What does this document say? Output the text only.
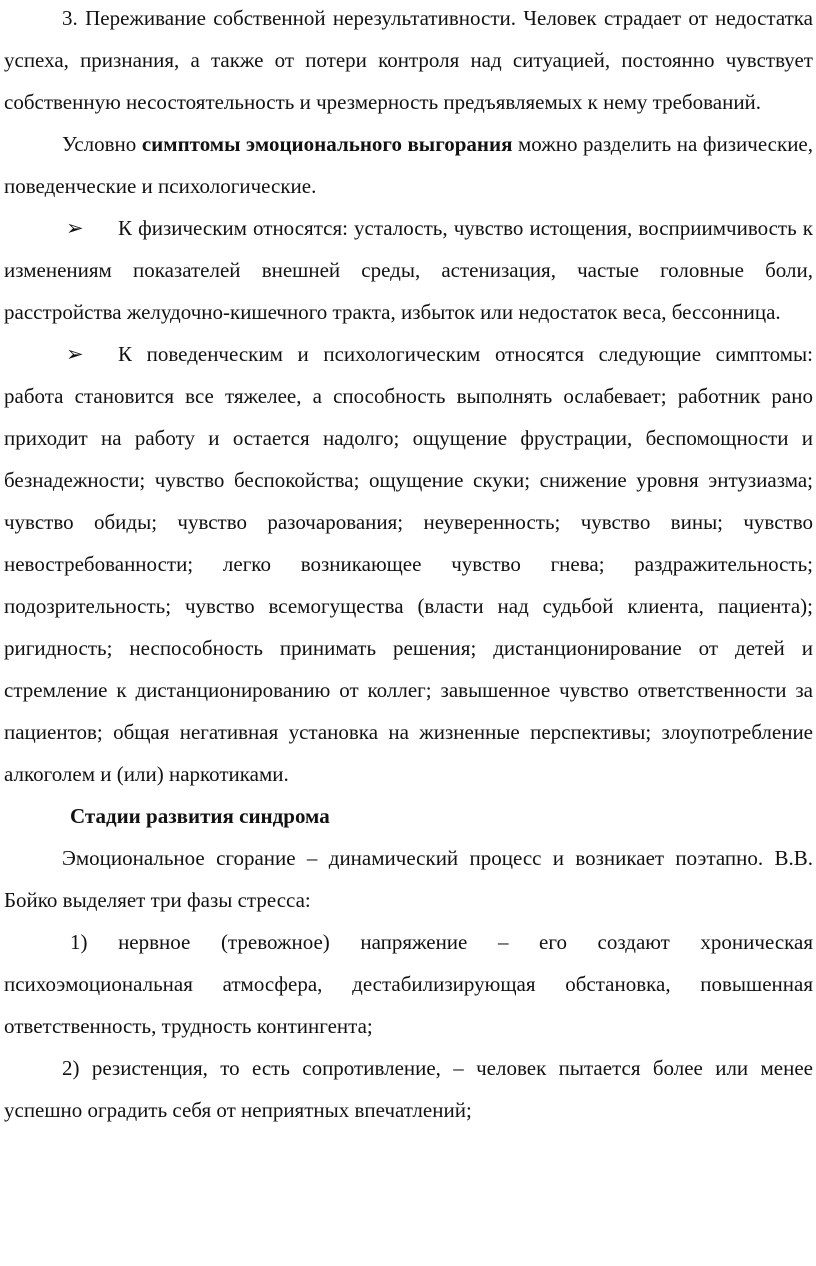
3. Переживание собственной нерезультативности. Человек страдает от недостатка успеха, признания, а также от потери контроля над ситуацией, постоянно чувствует собственную несостоятельность и чрезмерность предъявляемых к нему требований.

Условно симптомы эмоционального выгорания можно разделить на физические, поведенческие и психологические.

➢ К физическим относятся: усталость, чувство истощения, восприимчивость к изменениям показателей внешней среды, астенизация, частые головные боли, расстройства желудочно-кишечного тракта, избыток или недостаток веса, бессонница.

➢ К поведенческим и психологическим относятся следующие симптомы: работа становится все тяжелее, а способность выполнять ослабевает; работник рано приходит на работу и остается надолго; ощущение фрустрации, беспомощности и безнадежности; чувство беспокойства; ощущение скуки; снижение уровня энтузиазма; чувство обиды; чувство разочарования; неуверенность; чувство вины; чувство невостребованности; легко возникающее чувство гнева; раздражительность; подозрительность; чувство всемогущества (власти над судьбой клиента, пациента); ригидность; неспособность принимать решения; дистанционирование от детей и стремление к дистанционированию от коллег; завышенное чувство ответственности за пациентов; общая негативная установка на жизненные перспективы; злоупотребление алкоголем и (или) наркотиками.

Стадии развития синдрома

Эмоциональное сгорание – динамический процесс и возникает поэтапно. В.В. Бойко выделяет три фазы стресса:

1) нервное (тревожное) напряжение – его создают хроническая психоэмоциональная атмосфера, дестабилизирующая обстановка, повышенная ответственность, трудность контингента;

2) резистенция, то есть сопротивление, – человек пытается более или менее успешно оградить себя от неприятных впечатлений;
